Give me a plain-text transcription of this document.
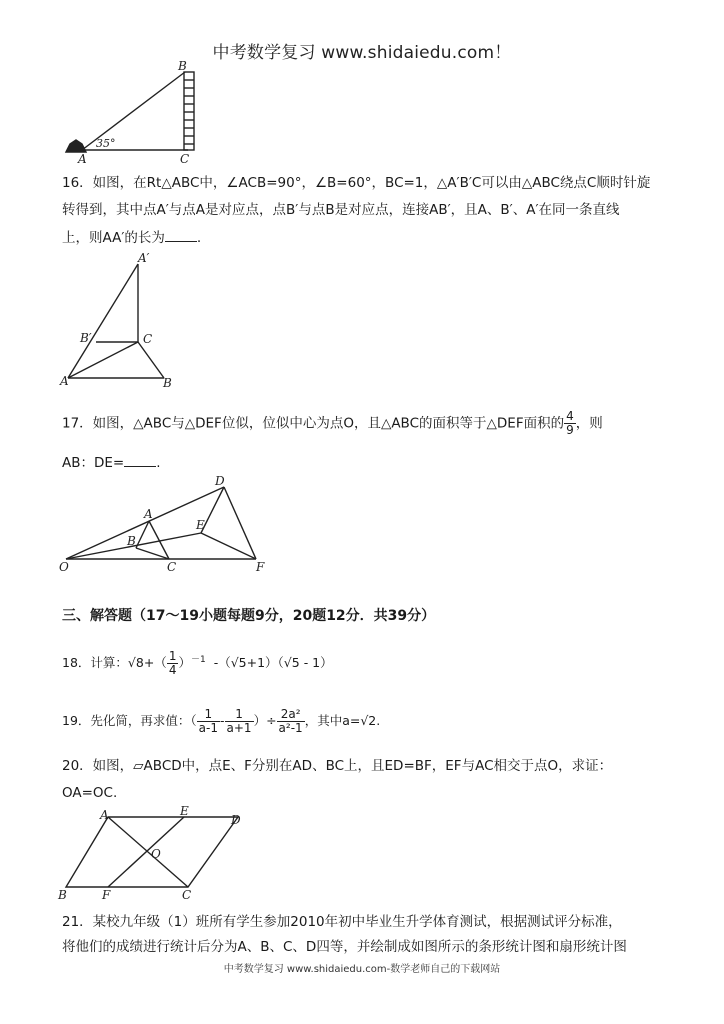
中考数学复习 www.shidaiedu.com！
B
A	C
35°
16．如图，在Rt△ABC中，∠ACB=90°，∠B=60°，BC=1，△A′B′C可以由△ABC绕点C顺时针旋
转得到，其中点A′与点A是对应点，点B′与点B是对应点，连接AB′，且A、B′、A′在同一条直线
上，则AA′的长为 .
A′
B′	C
A	B
17．如图，△ABC与△DEF位似，位似中心为点O，且△ABC的面积等于△DEF面积的 $\frac{4}{9}$ ，则
AB：DE= .
D
A
E
B
O	C	F
三、解答题（17～19小题每题9分，20题12分．共39分）
18．计算：$√8+( \frac{1}{4} )^{-1}$ -（√5+1）（√5 - 1）
19．先化简，再求值：（ $\frac{1}{a-1} - \frac{1}{a+1}$ ）÷ $\frac{\text{2a²}}{\text{a²-1}}$ ，其中a=√2.
20．如图，▱ABCD中，点E、F分别在AD、BC上，且ED=BF，EF与AC相交于点O，求证：
OA=OC.
A	E
D
O
B	F	C
21．某校九年级（1）班所有学生参加2010年初中毕业生升学体育测试，根据测试评分标准，
将他们的成绩进行统计后分为A、B、C、D四等，并绘制成如图所示的条形统计图和扇形统计图
中考数学复习 www.shidaiedu.com-数学老师自己的下载网站
